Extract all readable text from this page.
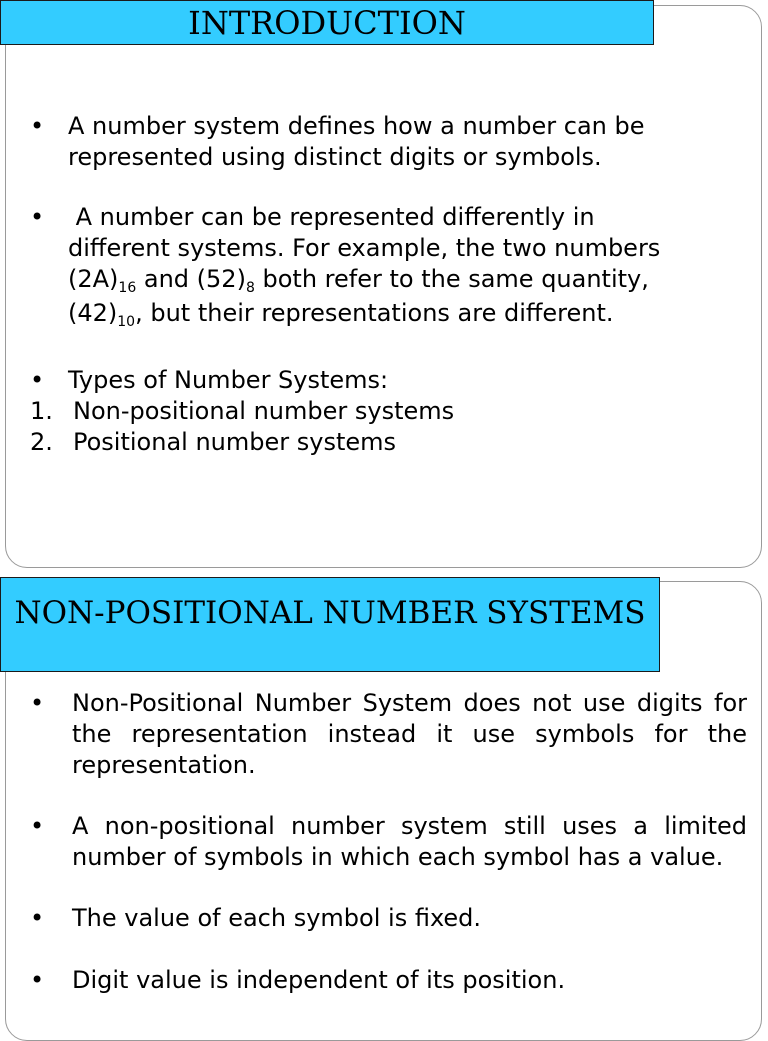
INTRODUCTION
• A number system defines how a number can be represented using distinct digits or symbols.
• A number can be represented differently in
different systems. For example, the two numbers
$(2A)_{16}$ and $(52)_8$ both refer to the same quantity,
$(42)_{10}$, but their representations are different.
• Types of Number Systems:
1. Non-positional number systems
2. Positional number systems
NON-POSITIONAL NUMBER SYSTEMS
• Non-Positional Number System does not use digits for the representation instead it use symbols for the representation.
• A non-positional number system still uses a limited number of symbols in which each symbol has a value.
• The value of each symbol is fixed.
• Digit value is independent of its position.
